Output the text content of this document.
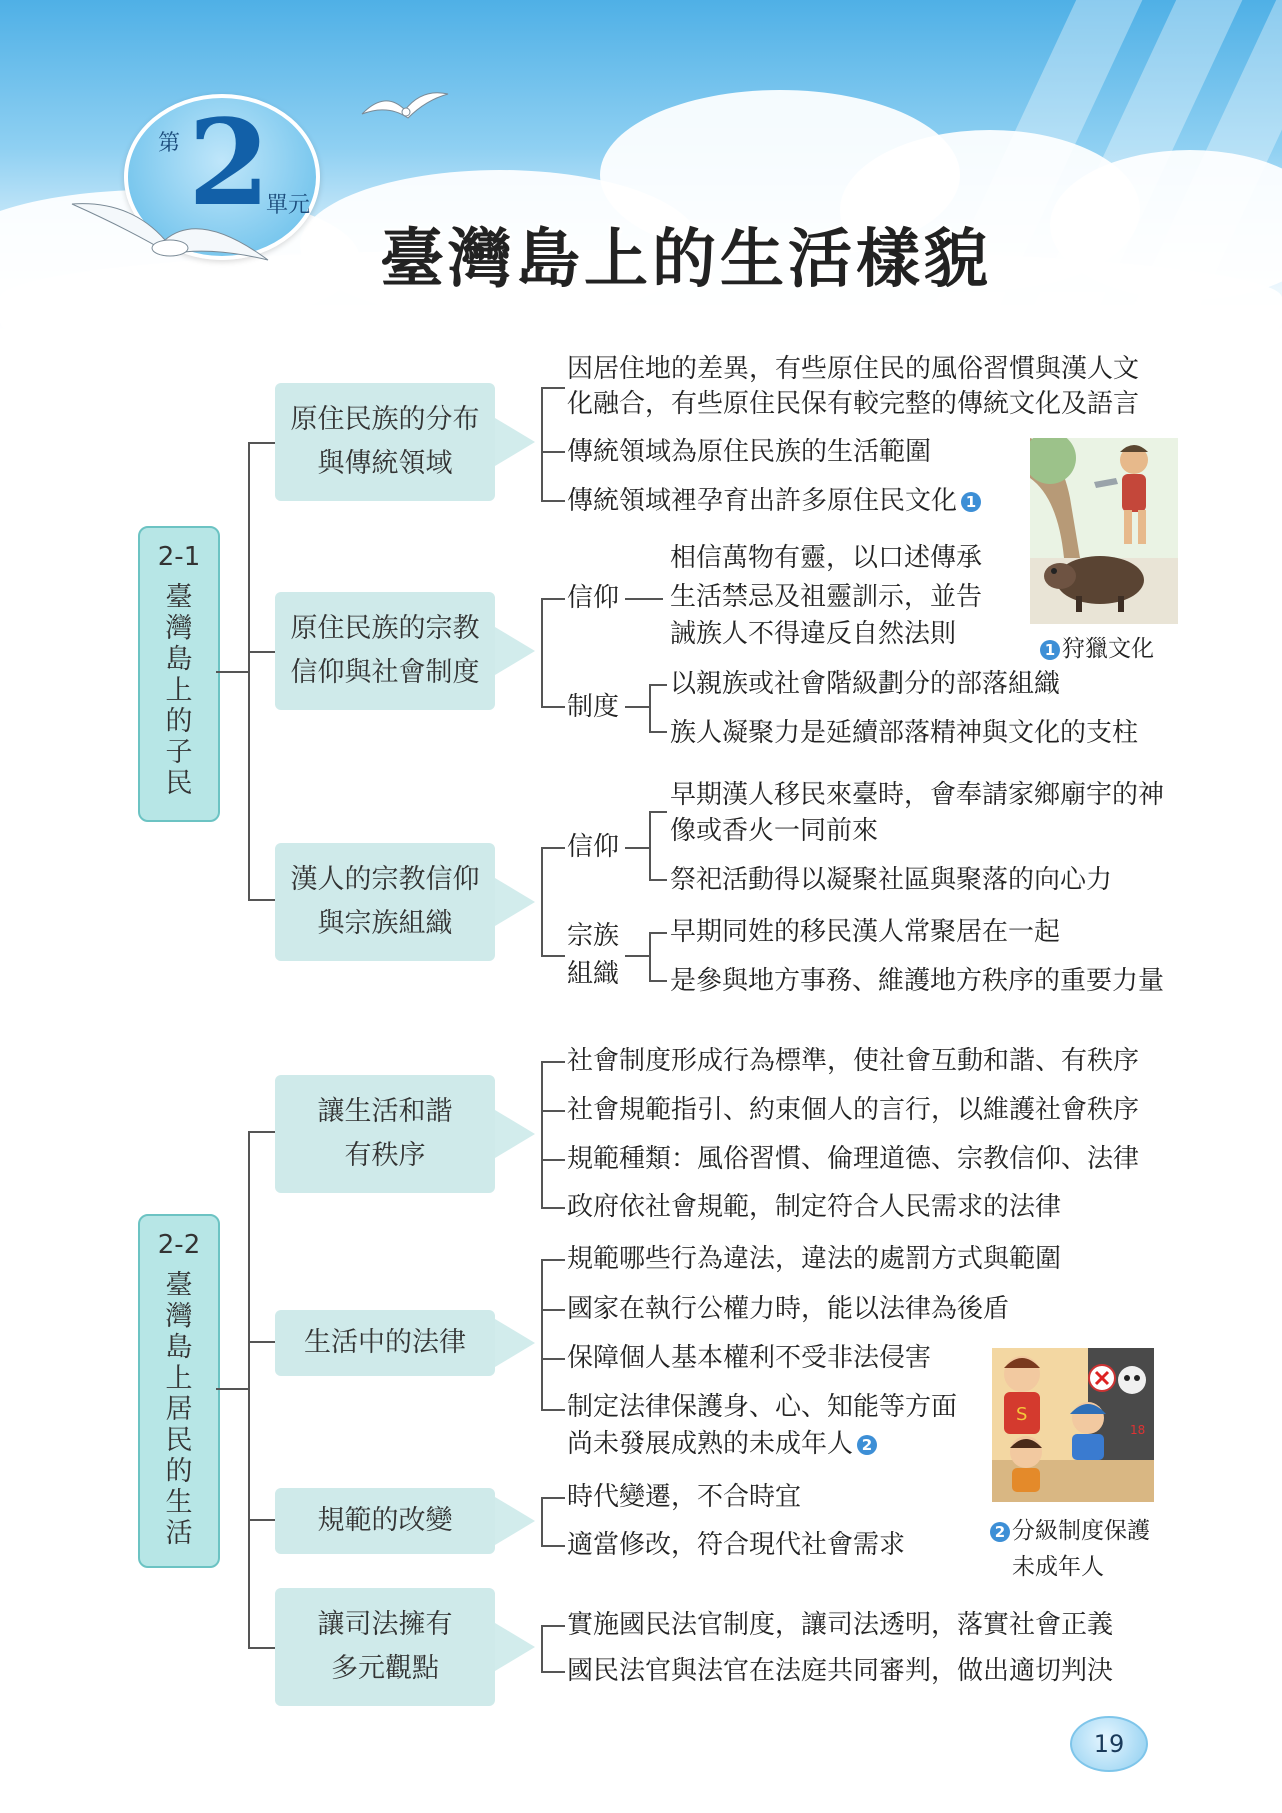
第 2
單元
臺灣島上的生活樣貌
2-1
臺灣島上的子民
原住民族的分布
與傳統領域
因居住地的差異，有些原住民的風俗習慣與漢人文
化融合，有些原住民保有較完整的傳統文化及語言
傳統領域為原住民族的生活範圍
傳統領域裡孕育出許多原住民文化 1
原住民族的宗教
信仰與社會制度
信仰
相信萬物有靈，以口述傳承
生活禁忌及祖靈訓示，並告
誡族人不得違反自然法則
制度
以親族或社會階級劃分的部落組織
族人凝聚力是延續部落精神與文化的支柱
漢人的宗教信仰
與宗族組織
信仰
早期漢人移民來臺時，會奉請家鄉廟宇的神
像或香火一同前來
祭祀活動得以凝聚社區與聚落的向心力
宗族
組織
早期同姓的移民漢人常聚居在一起
是參與地方事務、維護地方秩序的重要力量
1 狩獵文化
2-2
臺灣島上居民的生活
讓生活和諧
有秩序
社會制度形成行為標準，使社會互動和諧、有秩序
社會規範指引、約束個人的言行，以維護社會秩序
規範種類：風俗習慣、倫理道德、宗教信仰、法律
政府依社會規範，制定符合人民需求的法律
生活中的法律
規範哪些行為違法，違法的處罰方式與範圍
國家在執行公權力時，能以法律為後盾
保障個人基本權利不受非法侵害
制定法律保護身、心、知能等方面
尚未發展成熟的未成年人 2
規範的改變
時代變遷，不合時宜
適當修改，符合現代社會需求
讓司法擁有
多元觀點
實施國民法官制度，讓司法透明，落實社會正義
國民法官與法官在法庭共同審判，做出適切判決
S
18
2 分級制度保護
未成年人
19
